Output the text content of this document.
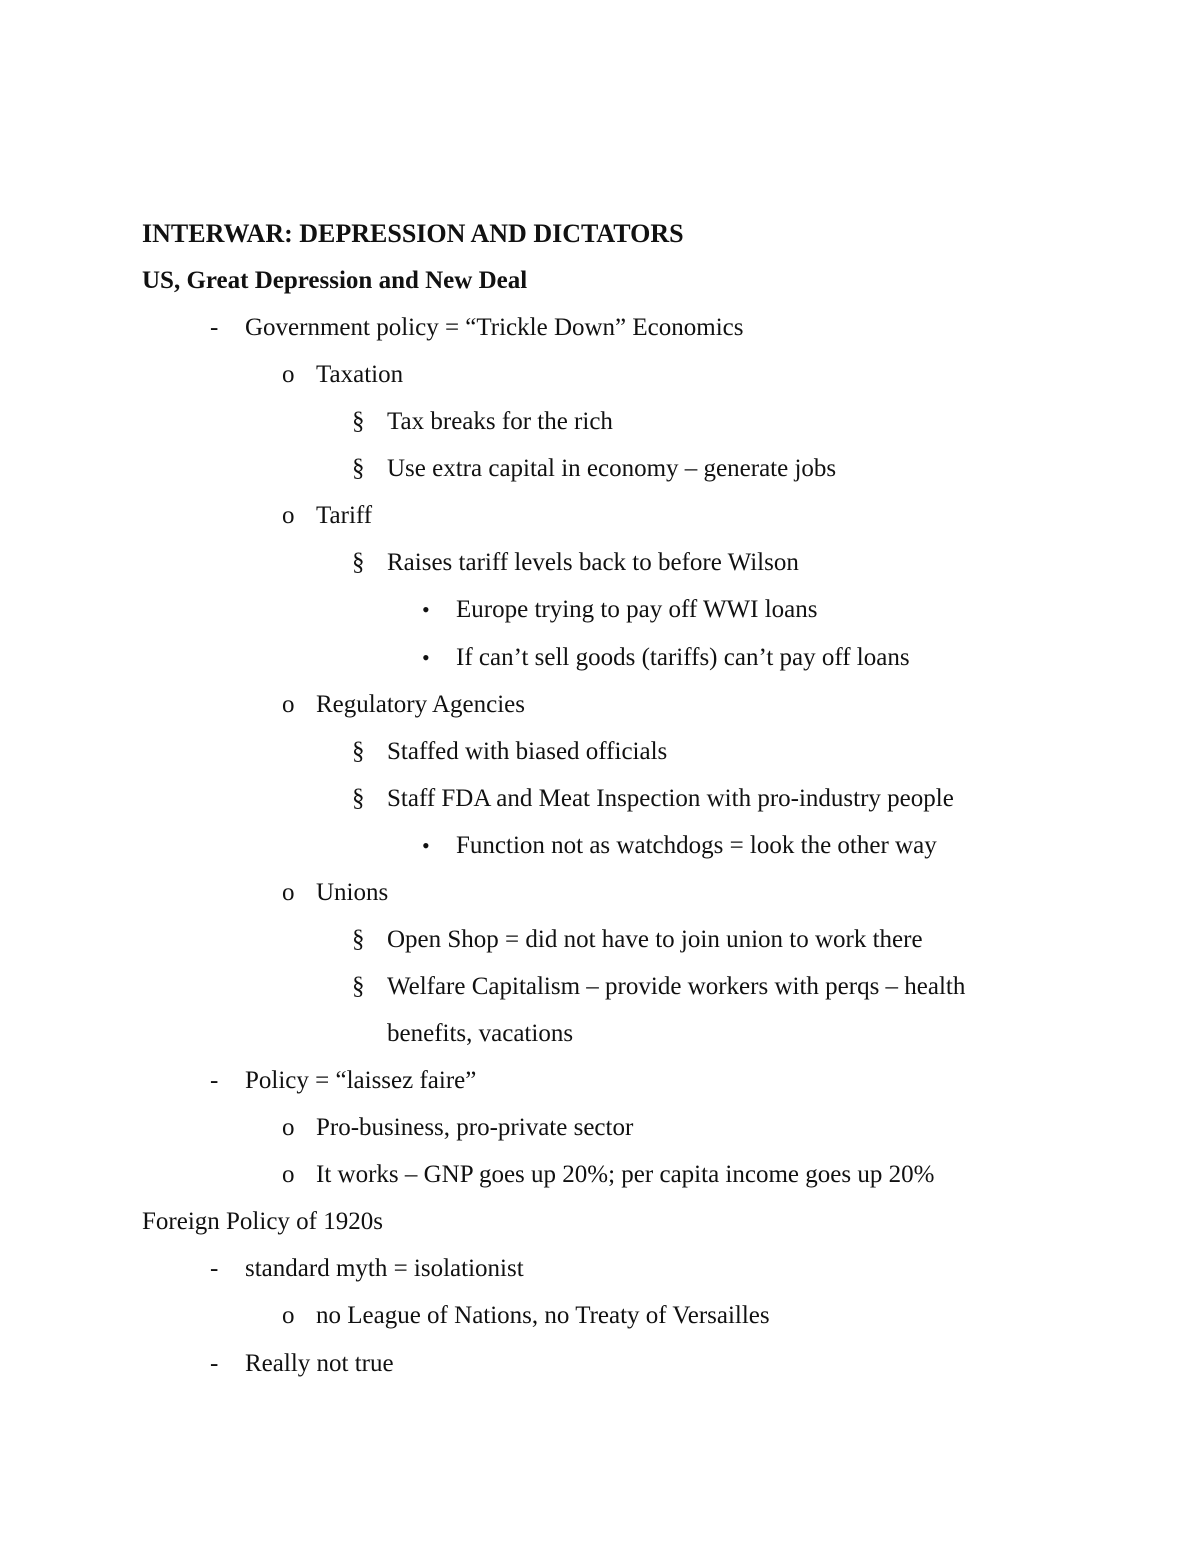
INTERWAR: DEPRESSION AND DICTATORS
US, Great Depression and New Deal
- Government policy = “Trickle Down” Economics
o Taxation
§ Tax breaks for the rich
§ Use extra capital in economy – generate jobs
o Tariff
§ Raises tariff levels back to before Wilson
• Europe trying to pay off WWI loans
• If can’t sell goods (tariffs) can’t pay off loans
o Regulatory Agencies
§ Staffed with biased officials
§ Staff FDA and Meat Inspection with pro-industry people
• Function not as watchdogs = look the other way
o Unions
§ Open Shop = did not have to join union to work there
§ Welfare Capitalism – provide workers with perqs – health
benefits, vacations
- Policy = “laissez faire”
o Pro-business, pro-private sector
o It works – GNP goes up 20%; per capita income goes up 20%
Foreign Policy of 1920s
- standard myth = isolationist
o no League of Nations, no Treaty of Versailles
- Really not true
